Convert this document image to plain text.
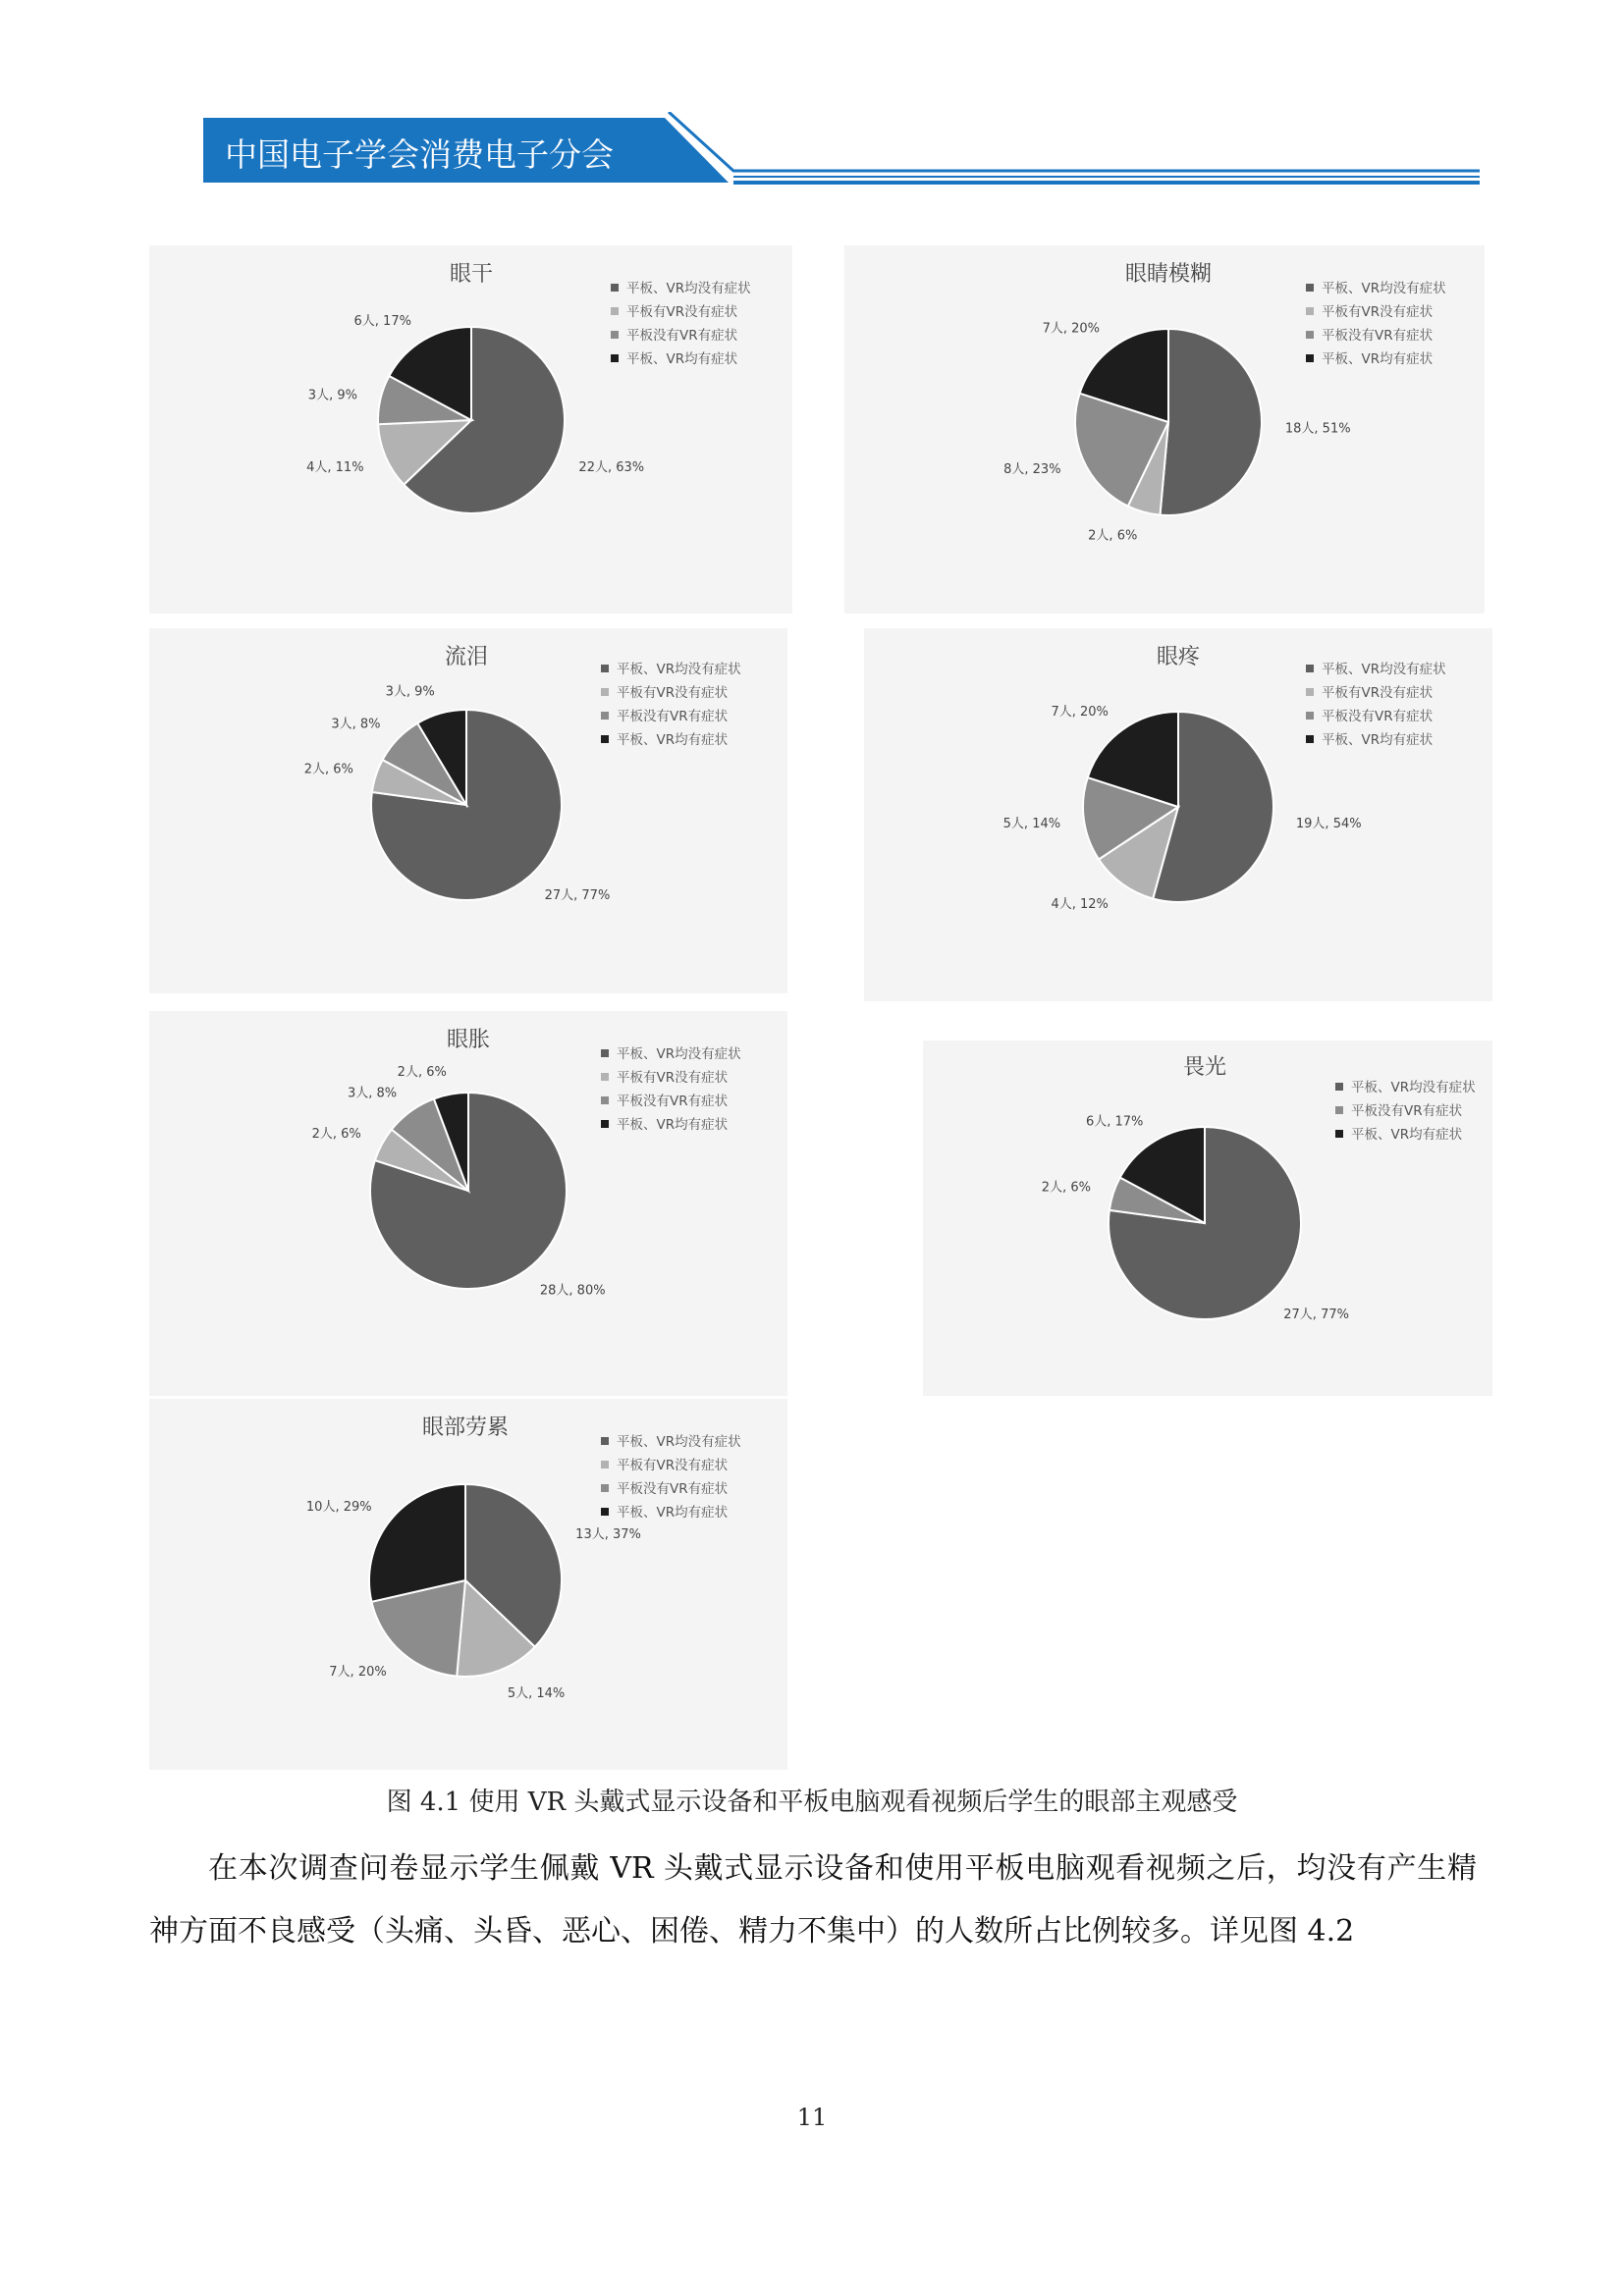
中国电子学会消费电子分会
眼干
22人, 63%
4人, 11%
3人, 9%
6人, 17%
平板、VR均没有症状
平板有VR没有症状
平板没有VR有症状
平板、VR均有症状
眼睛模糊
18人, 51%
2人, 6%
8人, 23%
7人, 20%
平板、VR均没有症状
平板有VR没有症状
平板没有VR有症状
平板、VR均有症状
流泪
27人, 77%
2人, 6%
3人, 8%
3人, 9%
平板、VR均没有症状
平板有VR没有症状
平板没有VR有症状
平板、VR均有症状
眼疼
19人, 54%
4人, 12%
5人, 14%
7人, 20%
平板、VR均没有症状
平板有VR没有症状
平板没有VR有症状
平板、VR均有症状
眼胀
28人, 80%
2人, 6%
3人, 8%
2人, 6%
平板、VR均没有症状
平板有VR没有症状
平板没有VR有症状
平板、VR均有症状
畏光
27人, 77%
2人, 6%
6人, 17%
平板、VR均没有症状
平板没有VR有症状
平板、VR均有症状
眼部劳累
13人, 37%
5人, 14%
7人, 20%
10人, 29%
平板、VR均没有症状
平板有VR没有症状
平板没有VR有症状
平板、VR均有症状
图 4.1 使用 VR 头戴式显示设备和平板电脑观看视频后学生的眼部主观感受
在本次调查问卷显示学生佩戴 VR 头戴式显示设备和使用平板电脑观看视频之后，均没有产生精神方面不良感受（头痛、头昏、恶心、困倦、精力不集中）的人数所占比例较多。详见图 4.2
11
